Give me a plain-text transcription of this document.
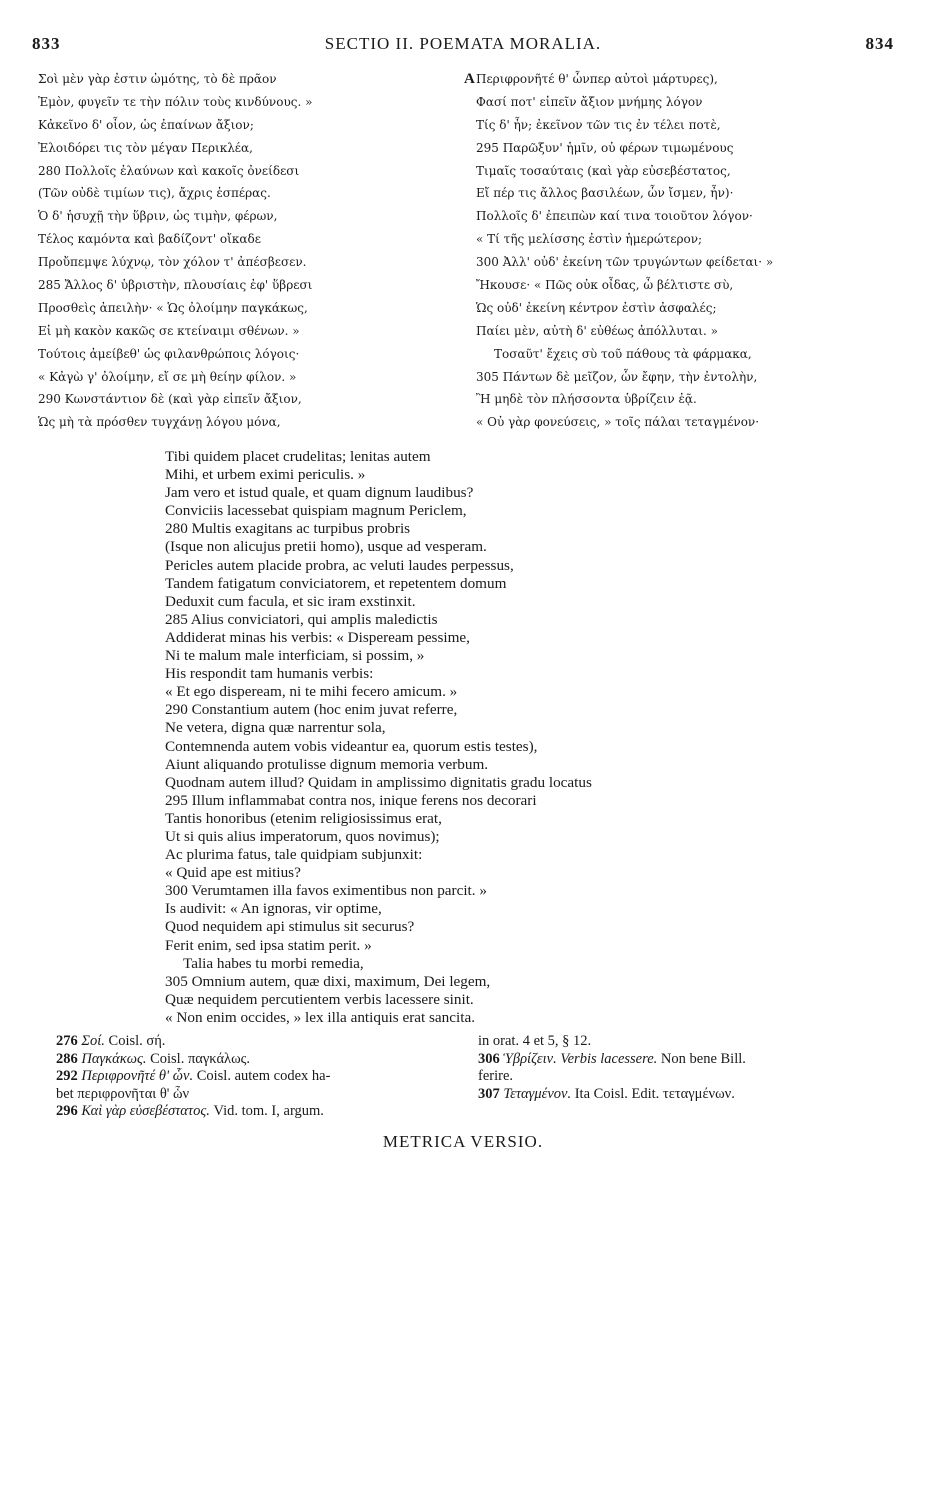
833	SECTIO II. POEMATA MORALIA.	834
Σοὶ μὲν γὰρ ἐστιν ὠμότης, τὸ δὲ πρᾶον
Ἐμὸν, φυγεῖν τε τὴν πόλιν τοὺς κινδύνους. »
Κἀκεῖνο δ' οἷον, ὡς ἐπαίνων ἄξιον;
Ἐλοιδόρει τις τὸν μέγαν Περικλέα,
280 Πολλοῖς ἐλαύνων καὶ κακοῖς ὀνείδεσι
(Τῶν οὐδὲ τιμίων τις), ἄχρις ἑσπέρας.
Ὁ δ' ἡσυχῇ τὴν ὕβριν, ὡς τιμὴν, φέρων,
Τέλος καμόντα καὶ βαδίζοντ' οἴκαδε
Προὔπεμψε λύχνῳ, τὸν χόλον τ' ἀπέσβεσεν.
285 Ἄλλος δ' ὑβριστὴν, πλουσίαις ἐφ' ὕβρεσι
Προσθεὶς ἀπειλὴν· « Ὡς ὀλοίμην παγκάκως,
Εἰ μὴ κακὸν κακῶς σε κτείναιμι σθένων. »
Τούτοις ἀμείβεθ' ὡς φιλανθρώποις λόγοις·
« Κἀγὼ γ' ὀλοίμην, εἴ σε μὴ θείην φίλον. »
290 Κωνστάντιον δὲ (καὶ γὰρ εἰπεῖν ἄξιον,
Ὡς μὴ τὰ πρόσθεν τυγχάνῃ λόγου μόνα,
AΠεριφρονῆτέ θ' ὧνπερ αὐτοὶ μάρτυρες),
Φασί ποτ' εἰπεῖν ἄξιον μνήμης λόγον
Τίς δ' ἦν; ἐκεῖνον τῶν τις ἐν τέλει ποτὲ,
295 Παρῶξυν' ἡμῖν, οὐ φέρων τιμωμένους
Τιμαῖς τοσαύταις (καὶ γὰρ εὐσεβέστατος,
Εἴ πέρ τις ἄλλος βασιλέων, ὧν ἴσμεν, ἦν)·
Πολλοῖς δ' ἐπειπὼν καί τινα τοιοῦτον λόγον·
« Τί τῆς μελίσσης ἐστὶν ἡμερώτερον;
300 Ἀλλ' οὐδ' ἐκείνη τῶν τρυγώντων φείδεται· »
Ἤκουσε· « Πῶς οὐκ οἶδας, ὦ βέλτιστε σὺ,
Ὡς οὐδ' ἐκείνη κέντρον ἐστὶν ἀσφαλές;
Παίει μὲν, αὐτὴ δ' εὐθέως ἀπόλλυται. »
Τοσαῦτ' ἔχεις σὺ τοῦ πάθους τὰ φάρμακα,
305 Πάντων δὲ μεῖζον, ὧν ἔφην, τὴν ἐντολὴν,
Ἢ μηδὲ τὸν πλήσσοντα ὑβρίζειν ἐᾷ.
« Οὐ γὰρ φονεύσεις, » τοῖς πάλαι τεταγμένον·
Tibi quidem placet crudelitas; lenitas autem
Mihi, et urbem eximi periculis. »
Jam vero et istud quale, et quam dignum laudibus?
Conviciis lacessebat quispiam magnum Periclem,
280 Multis exagitans ac turpibus probris
(Isque non alicujus pretii homo), usque ad vesperam.
Pericles autem placide probra, ac veluti laudes perpessus,
Tandem fatigatum conviciatorem, et repetentem domum
Deduxit cum facula, et sic iram exstinxit.
285 Alius conviciatori, qui amplis maledictis
Addiderat minas his verbis: « Dispeream pessime,
Ni te malum male interficiam, si possim, »
His respondit tam humanis verbis:
« Et ego dispeream, ni te mihi fecero amicum. »
290 Constantium autem (hoc enim juvat referre,
Ne vetera, digna quæ narrentur sola,
Contemnenda autem vobis videantur ea, quorum estis testes),
Aiunt aliquando protulisse dignum memoria verbum.
Quodnam autem illud? Quidam in amplissimo dignitatis gradu locatus
295 Illum inflammabat contra nos, inique ferens nos decorari
Tantis honoribus (etenim religiosissimus erat,
Ut si quis alius imperatorum, quos novimus);
Ac plurima fatus, tale quidpiam subjunxit:
« Quid ape est mitius?
300 Verumtamen illa favos eximentibus non parcit. »
Is audivit: « An ignoras, vir optime,
Quod nequidem api stimulus sit securus?
Ferit enim, sed ipsa statim perit. »
Talia habes tu morbi remedia,
305 Omnium autem, quæ dixi, maximum, Dei legem,
Quæ nequidem percutientem verbis lacessere sinit.
« Non enim occides, » lex illa antiquis erat sancita.
276 Σοί. Coisl. σή.
286 Παγκάκως. Coisl. παγκάλως.
292 Περιφρονῆτέ θ' ὧν. Coisl. autem codex ha-
bet περιφρονῆται θ' ὧν
296 Καὶ γὰρ εὐσεβέστατος. Vid. tom. I, argum.
in orat. 4 et 5, § 12.
306 Ὑβρίζειν. Verbis lacessere. Non bene Bill.
ferire.
307 Τεταγμένον. Ita Coisl. Edit. τεταγμένων.
METRICA VERSIO.
